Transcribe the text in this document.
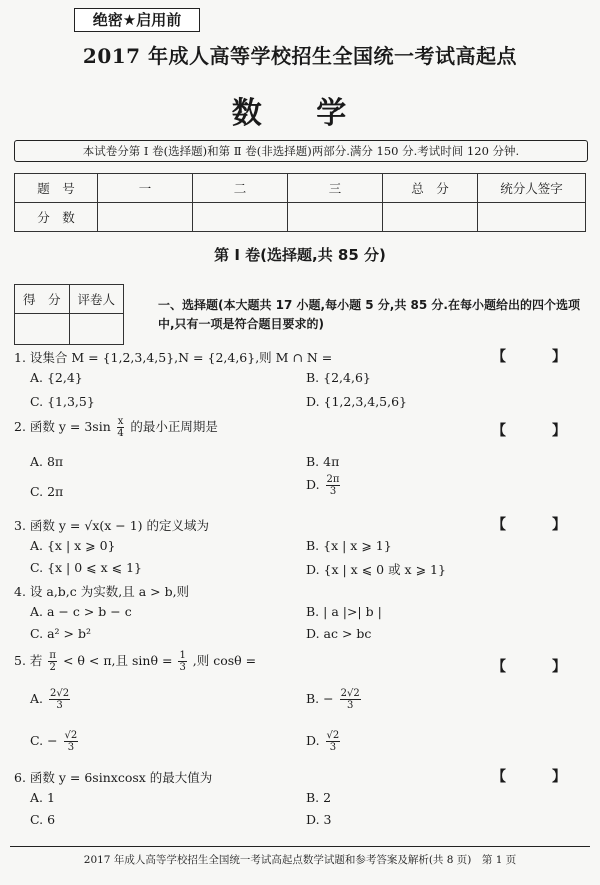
绝密★启用前
2017 年成人高等学校招生全国统一考试高起点
数 学
本试卷分第 Ⅰ 卷(选择题)和第 Ⅱ 卷(非选择题)两部分.满分 150 分.考试时间 120 分钟.
题　号	一	二	三	总　分	统分人签字
分　数					
第 Ⅰ 卷(选择题,共 85 分)
得　分	评卷人
		一、选择题(本大题共 17 小题,每小题 5 分,共 85 分.在每小题给出的四个选项中,只有一项是符合题目要求的)
1. 设集合 M = {1,2,3,4,5},N = {2,4,6},则 M ∩ N =	【　】
A. {2,4}	B. {2,4,6}
C. {1,3,5}	D. {1,2,3,4,5,6}
2. 函数 $y = 3\sin \frac{x}{4}$ 的最小正周期是	【　】
A. 8π	B. 4π
C. 2π	D. $\frac{2\pi}{3}$
3. 函数 y = √x(x − 1) 的定义域为	【　】
A. {x | x ⩾ 0}	B. {x | x ⩾ 1}
C. {x | 0 ⩽ x ⩽ 1}	D. {x | x ⩽ 0 或 x ⩾ 1}
4. 设 a,b,c 为实数,且 a > b,则
A. a − c > b − c	B. | a |>| b |
C. a² > b²	D. ac > bc
5. 若 $\frac{\pi}{2} < \theta < \pi$,且 $\sin\theta = \frac{1}{3}$ ,则 cosθ =	【　】
A. $\frac{2√2}{3}$	B. − $\frac{2√2}{3}$
C. − $\frac{√2}{3}$	D. $\frac{√2}{3}$
6. 函数 y = 6sinxcosx 的最大值为	【　】
A. 1	B. 2
C. 6	D. 3
2017 年成人高等学校招生全国统一考试高起点数学试题和参考答案及解析(共 8 页)　第 1 页
